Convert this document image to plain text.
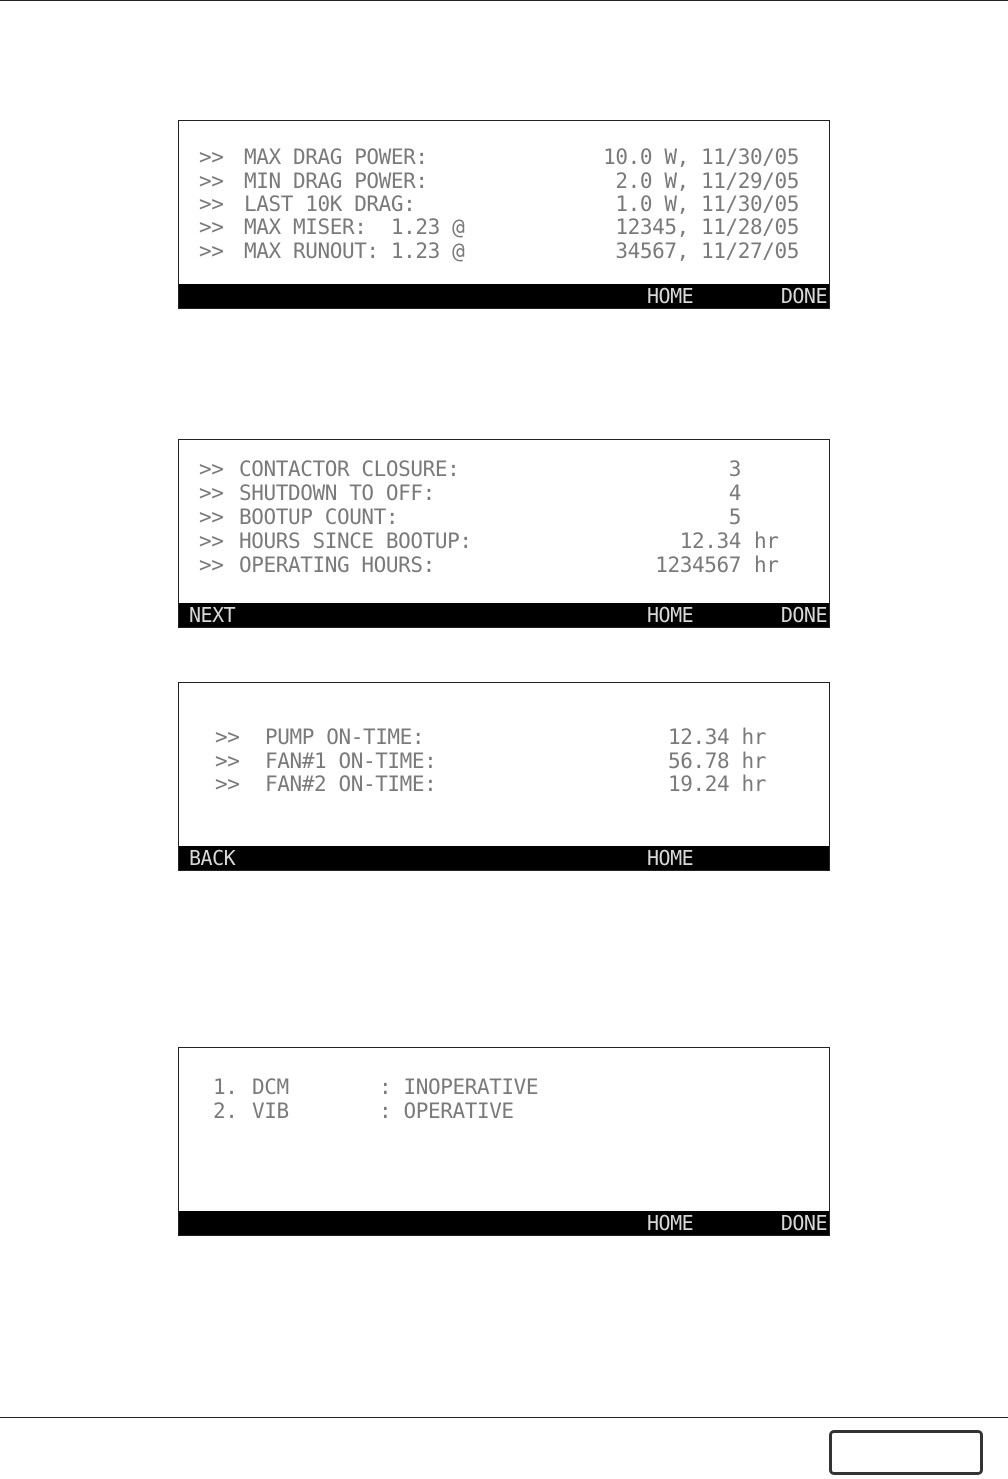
>> MAX DRAG POWER:	10.0 W, 11/30/05
>> MIN DRAG POWER:	2.0 W, 11/29/05
>> LAST 10K DRAG:	1.0 W, 11/30/05
>> MAX MISER:  1.23 @	12345, 11/28/05
>> MAX RUNOUT: 1.23 @	34567, 11/27/05
HOME	DONE
>> CONTACTOR CLOSURE:	3
>> SHUTDOWN TO OFF:	4
>> BOOTUP COUNT:	5
>> HOURS SINCE BOOTUP:	12.34 hr
>> OPERATING HOURS:	1234567 hr
NEXT	HOME	DONE
>> PUMP ON-TIME:	12.34 hr
>> FAN#1 ON-TIME:	56.78 hr
>> FAN#2 ON-TIME:	19.24 hr
BACK	HOME
1. DCM	: INOPERATIVE
2. VIB	: OPERATIVE
HOME	DONE
